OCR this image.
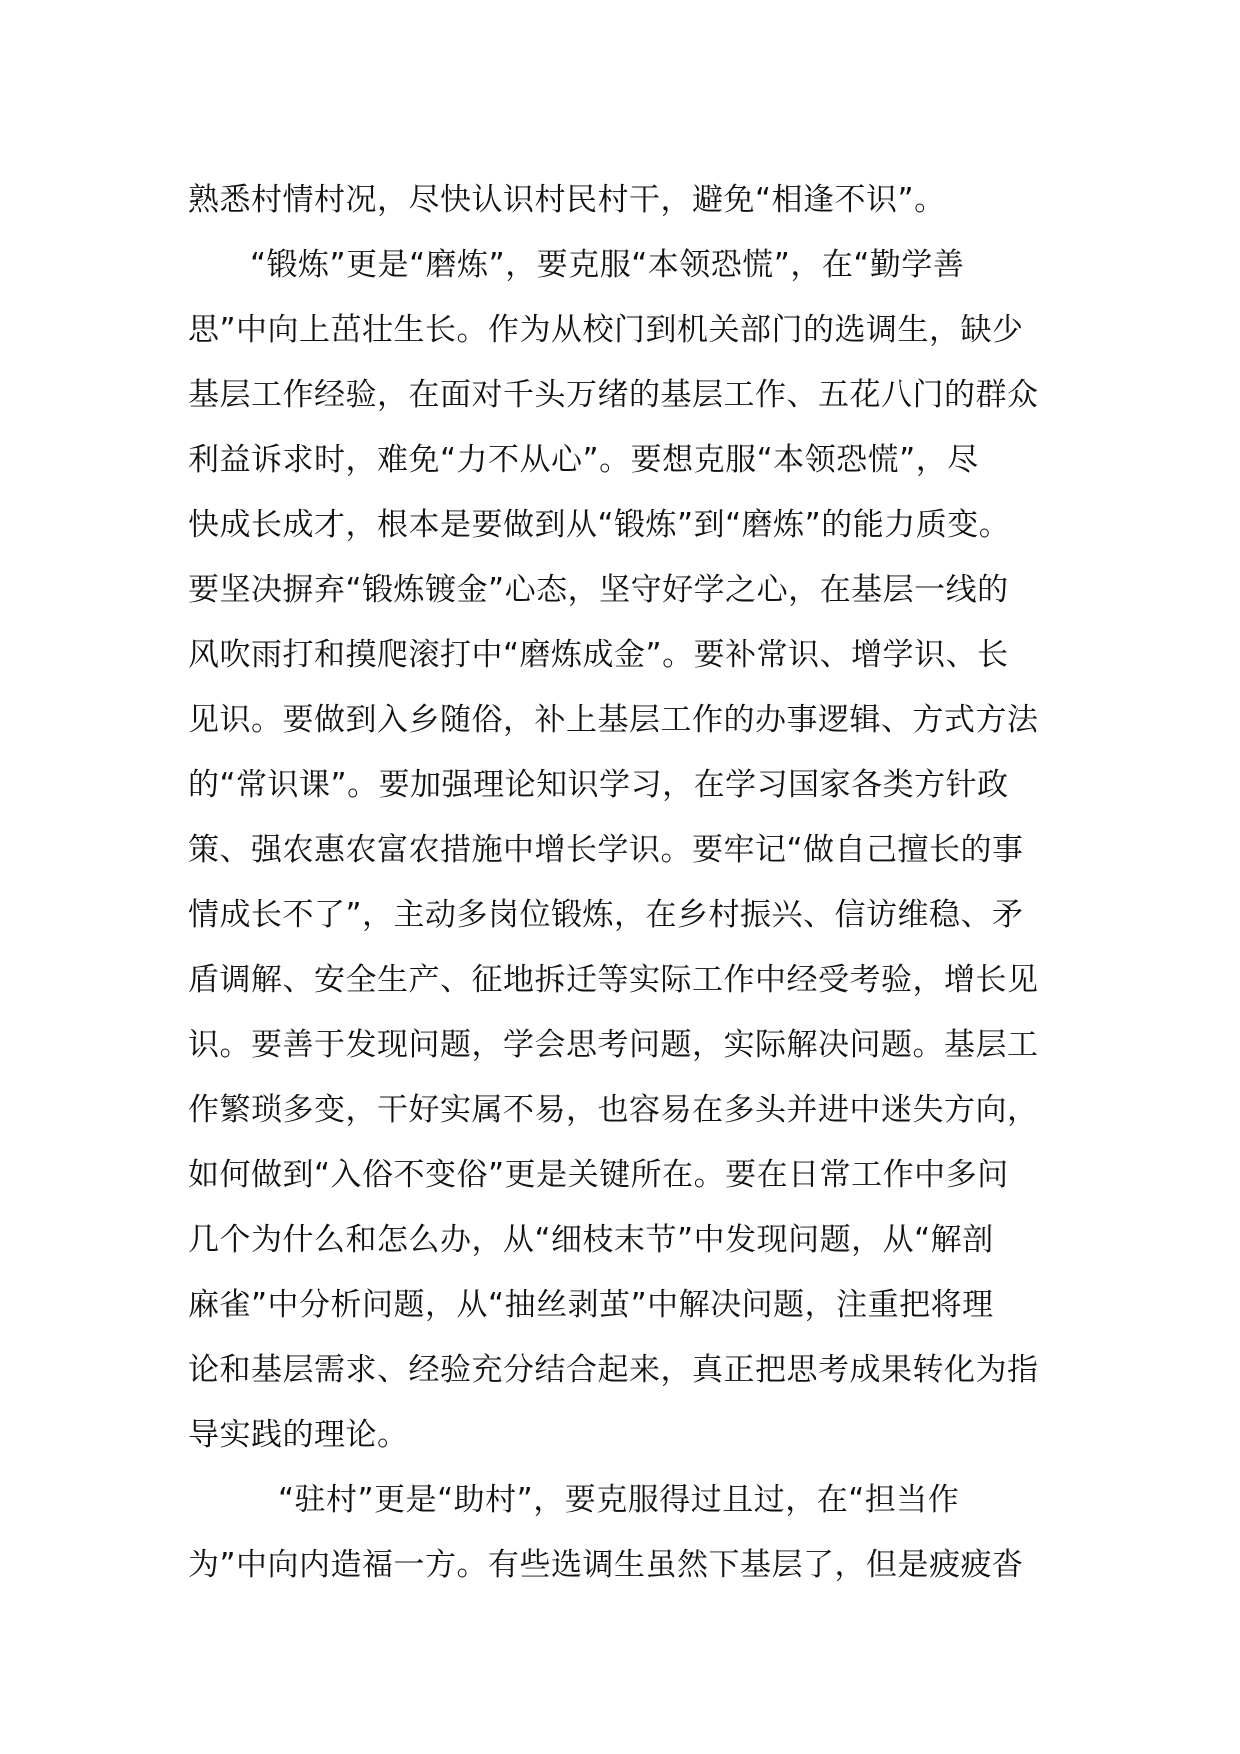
熟悉村情村况，尽快认识村民村干，避免“相逢不识”。
“锻炼”更是“磨炼”，要克服“本领恐慌”，在“勤学善
思”中向上茁壮生长。作为从校门到机关部门的选调生，缺少
基层工作经验，在面对千头万绪的基层工作、五花八门的群众
利益诉求时，难免“力不从心”。要想克服“本领恐慌”，尽
快成长成才，根本是要做到从“锻炼”到“磨炼”的能力质变。
要坚决摒弃“锻炼镀金”心态，坚守好学之心，在基层一线的
风吹雨打和摸爬滚打中“磨炼成金”。要补常识、增学识、长
见识。要做到入乡随俗，补上基层工作的办事逻辑、方式方法
的“常识课”。要加强理论知识学习，在学习国家各类方针政
策、强农惠农富农措施中增长学识。要牢记“做自己擅长的事
情成长不了”，主动多岗位锻炼，在乡村振兴、信访维稳、矛
盾调解、安全生产、征地拆迁等实际工作中经受考验，增长见
识。要善于发现问题，学会思考问题，实际解决问题。基层工
作繁琐多变，干好实属不易，也容易在多头并进中迷失方向，
如何做到“入俗不变俗”更是关键所在。要在日常工作中多问
几个为什么和怎么办，从“细枝末节”中发现问题，从“解剖
麻雀”中分析问题，从“抽丝剥茧”中解决问题，注重把将理
论和基层需求、经验充分结合起来，真正把思考成果转化为指
导实践的理论。
“驻村”更是“助村”，要克服得过且过，在“担当作
为”中向内造福一方。有些选调生虽然下基层了，但是疲疲沓
